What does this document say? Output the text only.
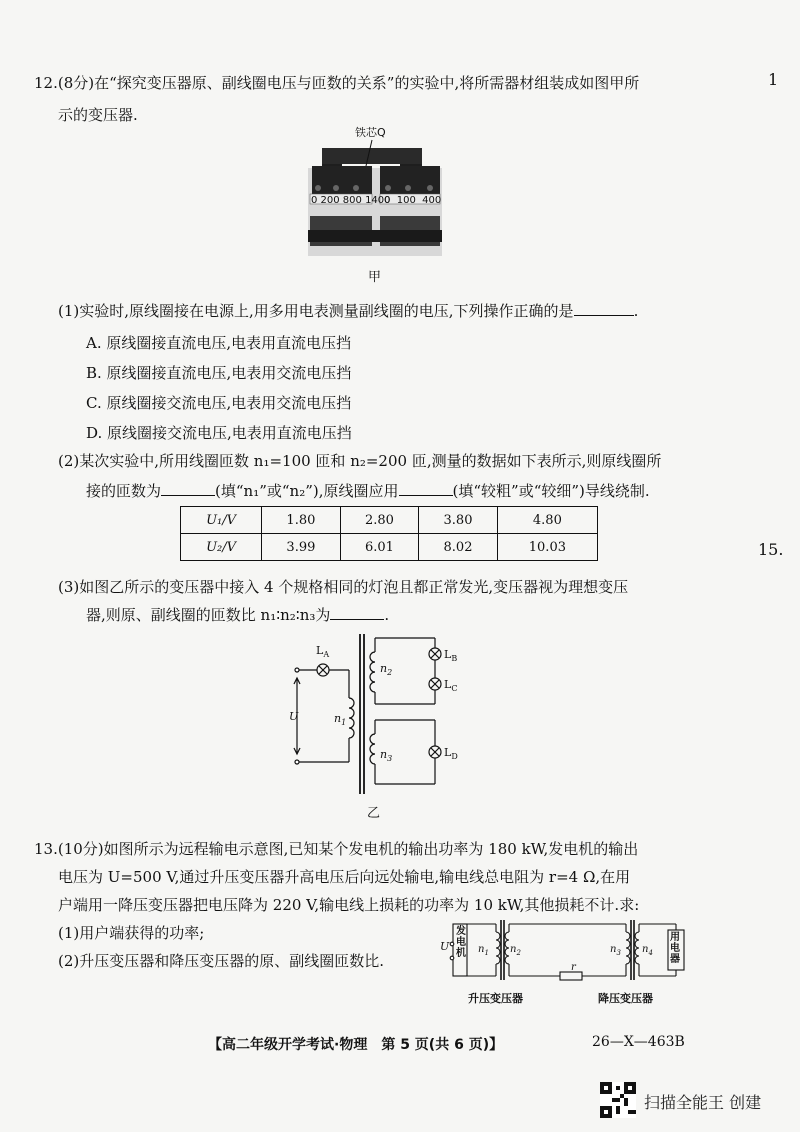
1
15.
12.(8分)在“探究变压器原、副线圈电压与匝数的关系”的实验中,将所需器材组装成如图甲所
示的变压器.
铁芯Q
0 200 800 1400
0  100  400
甲
(1)实验时,原线圈接在电源上,用多用电表测量副线圈的电压,下列操作正确的是	.
A. 原线圈接直流电压,电表用直流电压挡
B. 原线圈接直流电压,电表用交流电压挡
C. 原线圈接交流电压,电表用交流电压挡
D. 原线圈接交流电压,电表用直流电压挡
(2)某次实验中,所用线圈匝数 n₁=100 匝和 n₂=200 匝,测量的数据如下表所示,则原线圈所
接的匝数为	(填“n₁”或“n₂”),原线圈应用	(填“较粗”或“较细”)导线绕制.
U₁/V	1.80	2.80	3.80	4.80
U₂/V	3.99	6.01	8.02	10.03
(3)如图乙所示的变压器中接入 4 个规格相同的灯泡且都正常发光,变压器视为理想变压
器,则原、副线圈的匝数比 n₁∶n₂∶n₃为	.
$L_A$
U	$n_1$
$n_2$
$n_3$
$L_B$
$L_C$
$L_D$
乙
13.(10分)如图所示为远程输电示意图,已知某个发电机的输出功率为 180 kW,发电机的输出
电压为 U=500 V,通过升压变压器升高电压后向远处输电,输电线总电阻为 r=4 Ω,在用
户端用一降压变压器把电压降为 220 V,输电线上损耗的功率为 10 kW,其他损耗不计.求:
(1)用户端获得的功率;
(2)升压变压器和降压变压器的原、副线圈匝数比.
U
发电机 $n_1$ $n_2$	$n_3$ $n_4$
r
用电器
升压变压器	降压变压器
【高二年级开学考试·物理　第 5 页(共 6 页)】	26—X—463B
扫描全能王 创建
